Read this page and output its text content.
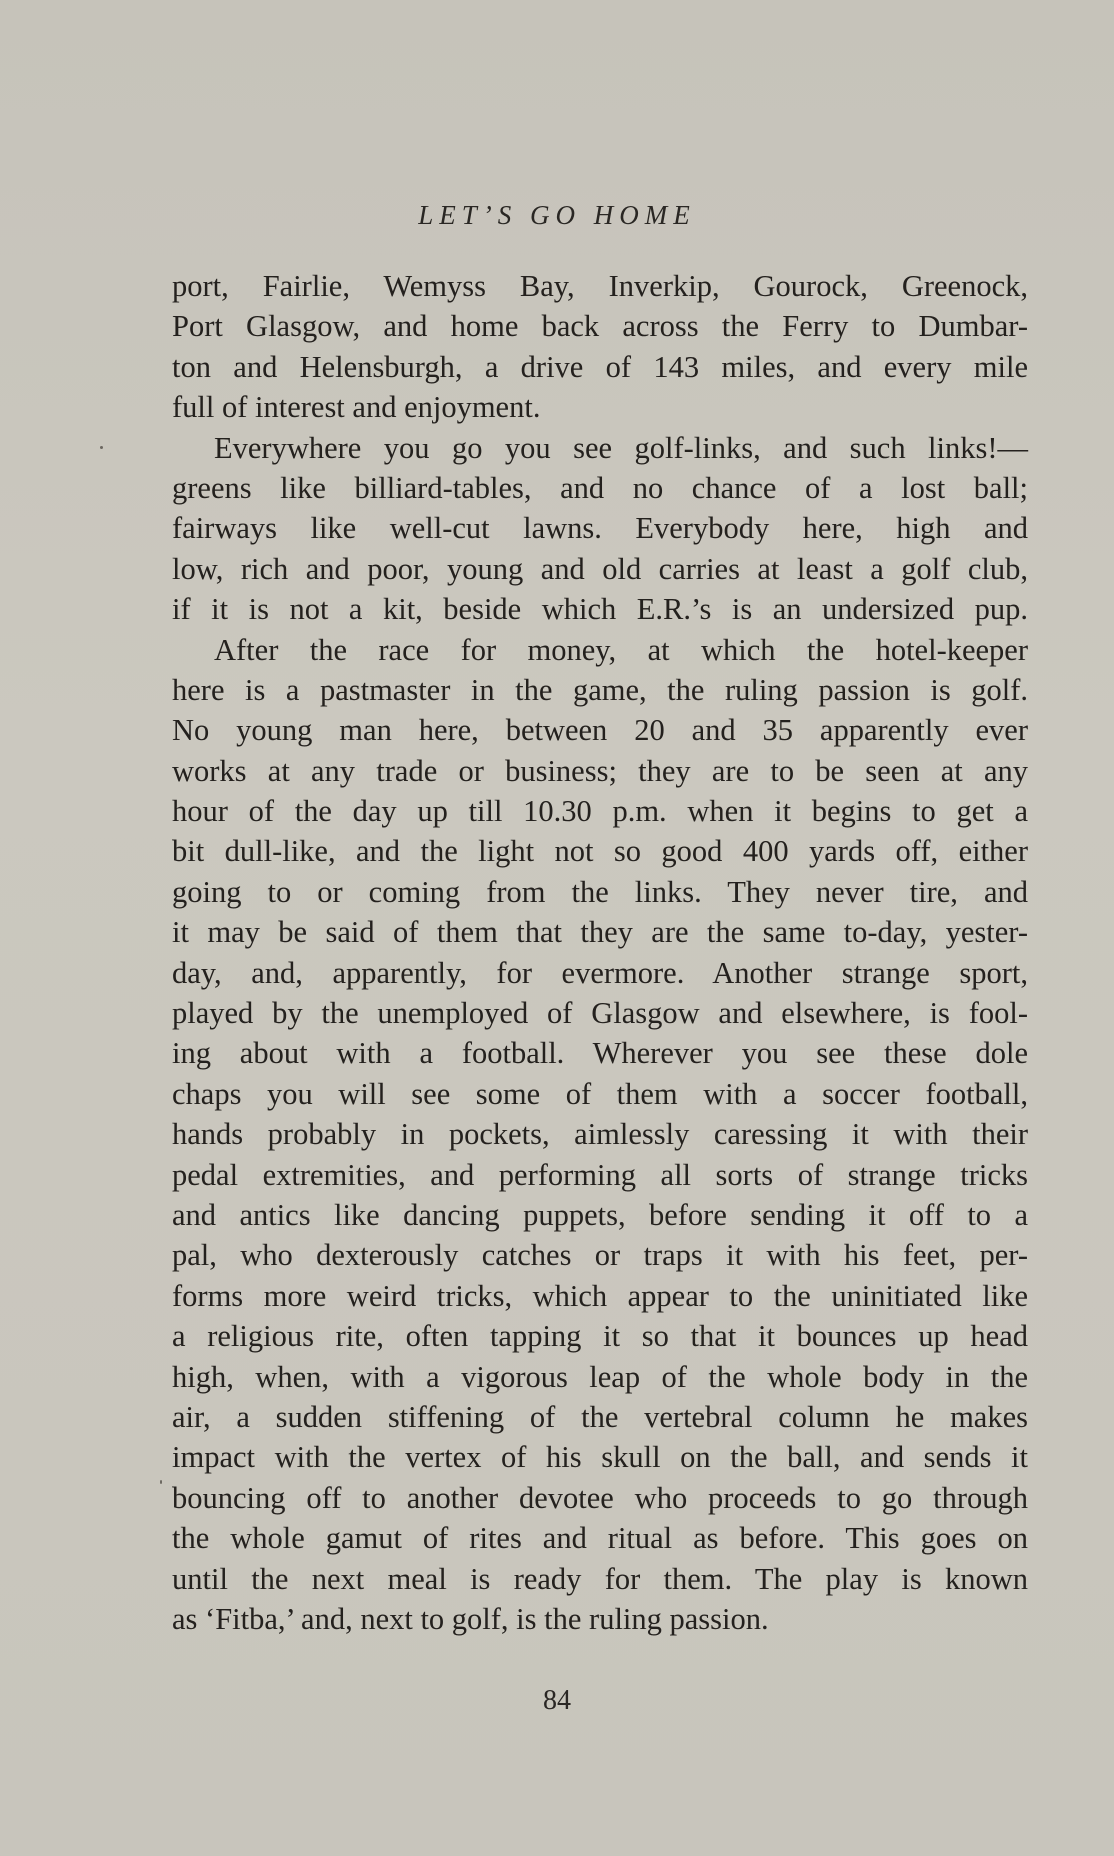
LET’S GO HOME
port, Fairlie, Wemyss Bay, Inverkip, Gourock, Greenock,
Port Glasgow, and home back across the Ferry to Dumbar-
ton and Helensburgh, a drive of 143 miles, and every mile
full of interest and enjoyment.
Everywhere you go you see golf-links, and such links!—
greens like billiard-tables, and no chance of a lost ball;
fairways like well-cut lawns. Everybody here, high and
low, rich and poor, young and old carries at least a golf club,
if it is not a kit, beside which E.R.’s is an undersized pup.
After the race for money, at which the hotel-keeper
here is a pastmaster in the game, the ruling passion is golf.
No young man here, between 20 and 35 apparently ever
works at any trade or business; they are to be seen at any
hour of the day up till 10.30 p.m. when it begins to get a
bit dull-like, and the light not so good 400 yards off, either
going to or coming from the links. They never tire, and
it may be said of them that they are the same to-day, yester-
day, and, apparently, for evermore. Another strange sport,
played by the unemployed of Glasgow and elsewhere, is fool-
ing about with a football. Wherever you see these dole
chaps you will see some of them with a soccer football,
hands probably in pockets, aimlessly caressing it with their
pedal extremities, and performing all sorts of strange tricks
and antics like dancing puppets, before sending it off to a
pal, who dexterously catches or traps it with his feet, per-
forms more weird tricks, which appear to the uninitiated like
a religious rite, often tapping it so that it bounces up head
high, when, with a vigorous leap of the whole body in the
air, a sudden stiffening of the vertebral column he makes
impact with the vertex of his skull on the ball, and sends it
bouncing off to another devotee who proceeds to go through
the whole gamut of rites and ritual as before. This goes on
until the next meal is ready for them. The play is known
as ‘Fitba,’ and, next to golf, is the ruling passion.
84
